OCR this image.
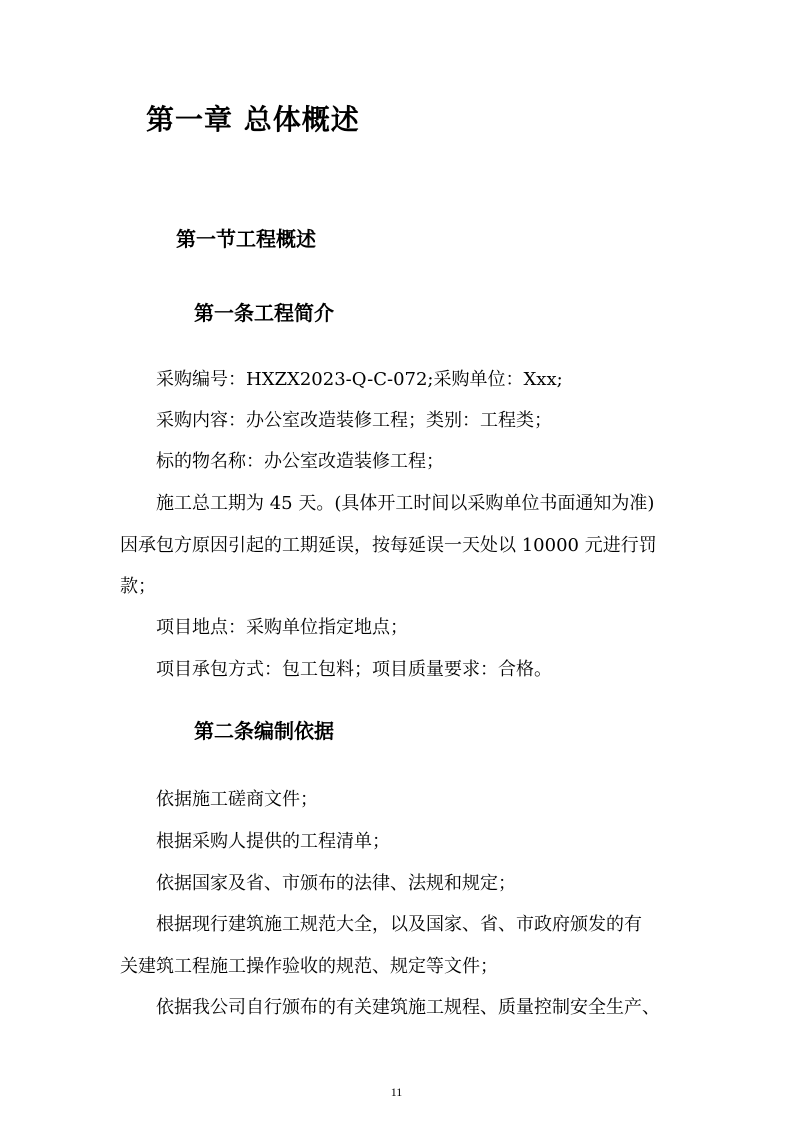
第一章 总体概述
第一节工程概述
第一条工程简介

采购编号：HXZX2023-Q-C-072;采购单位：Xxx;

采购内容：办公室改造装修工程；类别：工程类；

标的物名称：办公室改造装修工程；

施工总工期为 45 天。(具体开工时间以采购单位书面通知为准)

因承包方原因引起的工期延误，按每延误一天处以 10000 元进行罚

款；

项目地点：采购单位指定地点；

项目承包方式：包工包料；项目质量要求：合格。

第二条编制依据

依据施工磋商文件；

根据采购人提供的工程清单；

依据国家及省、市颁布的法律、法规和规定；

根据现行建筑施工规范大全，以及国家、省、市政府颁发的有

关建筑工程施工操作验收的规范、规定等文件；

依据我公司自行颁布的有关建筑施工规程、质量控制安全生产、

11
